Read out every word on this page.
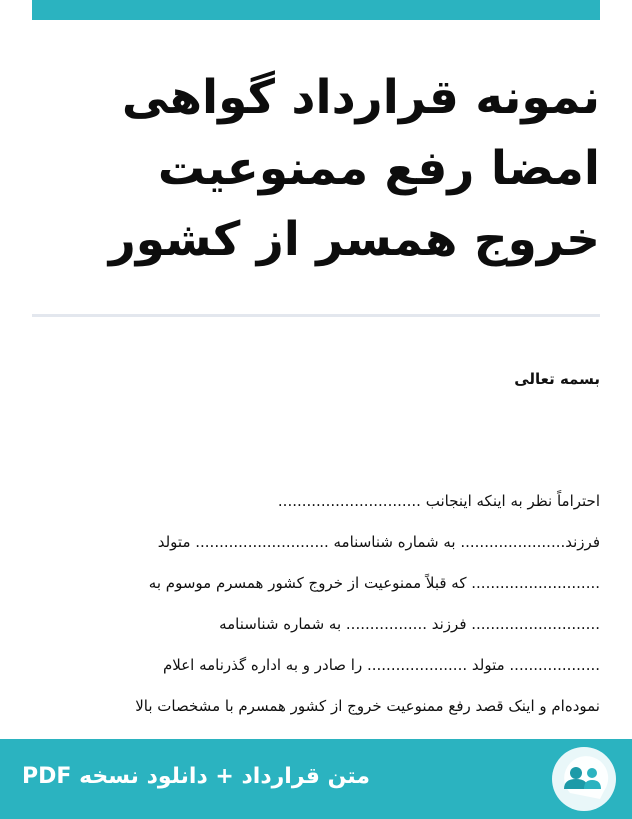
نمونه قرارداد گواهی
امضا رفع ممنوعیت
خروج همسر از کشور
بسمه تعالی
احتراماً نظر به اینکه اینجانب ..............................
فرزند...................... به شماره شناسنامه ............................ متولد
........................... که قبلاً ممنوعیت از خروج کشور همسرم موسوم به
........................... فرزند ................. به شماره شناسنامه
................... متولد ..................... را صادر و به اداره گذرنامه اعلام
نموده‌ام و اینک قصد رفع ممنوعیت خروج از کشور همسرم با مشخصات بالا
متن قرارداد + دانلود نسخه PDF
